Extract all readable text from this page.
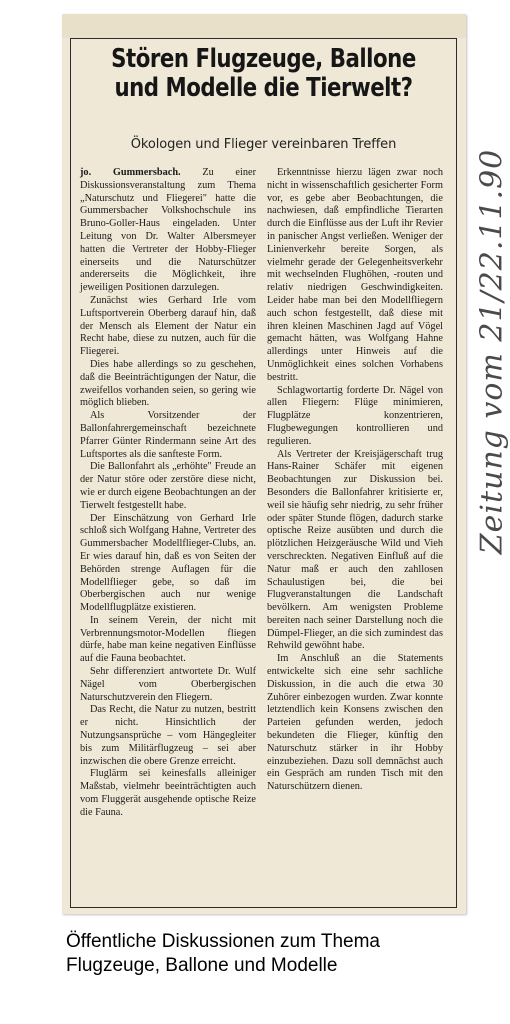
Stören Flugzeuge, Ballone
und Modelle die Tierwelt?
Ökologen und Flieger vereinbaren Treffen

jo. Gummersbach. Zu einer Diskussionsveranstaltung zum Thema „Naturschutz und Fliegerei" hatte die Gummersbacher Volkshochschule ins Bruno-Goller-Haus eingeladen. Unter Leitung von Dr. Walter Albersmeyer hatten die Vertreter der Hobby-Flieger einerseits und die Naturschützer andererseits die Möglichkeit, ihre jeweiligen Positionen darzulegen.

Zunächst wies Gerhard Irle vom Luftsportverein Oberberg darauf hin, daß der Mensch als Element der Natur ein Recht habe, diese zu nutzen, auch für die Fliegerei.

Dies habe allerdings so zu geschehen, daß die Beeinträchtigungen der Natur, die zweifellos vorhanden seien, so gering wie möglich blieben.

Als Vorsitzender der Ballonfahrergemeinschaft bezeichnete Pfarrer Günter Rindermann seine Art des Luftsportes als die sanfteste Form.

Die Ballonfahrt als „erhöhte" Freude an der Natur störe oder zerstöre diese nicht, wie er durch eigene Beobachtungen an der Tierwelt festgestellt habe.

Der Einschätzung von Gerhard Irle schloß sich Wolfgang Hahne, Vertreter des Gummersbacher Modellflieger-Clubs, an. Er wies darauf hin, daß es von Seiten der Behörden strenge Auflagen für die Modellflieger gebe, so daß im Oberbergischen auch nur wenige Modellflugplätze existieren.

In seinem Verein, der nicht mit Verbrennungsmotor-Modellen fliegen dürfe, habe man keine negativen Einflüsse auf die Fauna beobachtet.

Sehr differenziert antwortete Dr. Wulf Nägel vom Oberbergischen Naturschutzverein den Fliegern.

Das Recht, die Natur zu nutzen, bestritt er nicht. Hinsichtlich der Nutzungsansprüche – vom Hängegleiter bis zum Militärflugzeug – sei aber inzwischen die obere Grenze erreicht.

Fluglärm sei keinesfalls alleiniger Maßstab, vielmehr beeinträchtigten auch vom Fluggerät ausgehende optische Reize die Fauna.

Erkenntnisse hierzu lägen zwar noch nicht in wissenschaftlich gesicherter Form vor, es gebe aber Beobachtungen, die nachwiesen, daß empfindliche Tierarten durch die Einflüsse aus der Luft ihr Revier in panischer Angst verließen. Weniger der Linienverkehr bereite Sorgen, als vielmehr gerade der Gelegenheitsverkehr mit wechselnden Flughöhen, -routen und relativ niedrigen Geschwindigkeiten. Leider habe man bei den Modellfliegern auch schon festgestellt, daß diese mit ihren kleinen Maschinen Jagd auf Vögel gemacht hätten, was Wolfgang Hahne allerdings unter Hinweis auf die Unmöglichkeit eines solchen Vorhabens bestritt.

Schlagwortartig forderte Dr. Nägel von allen Fliegern: Flüge minimieren, Flugplätze konzentrieren, Flugbewegungen kontrollieren und regulieren.

Als Vertreter der Kreisjägerschaft trug Hans-Rainer Schäfer mit eigenen Beobachtungen zur Diskussion bei. Besonders die Ballonfahrer kritisierte er, weil sie häufig sehr niedrig, zu sehr früher oder später Stunde flögen, dadurch starke optische Reize ausübten und durch die plötzlichen Heizgeräusche Wild und Vieh verschreckten. Negativen Einfluß auf die Natur maß er auch den zahllosen Schaulustigen bei, die bei Flugveranstaltungen die Landschaft bevölkern. Am wenigsten Probleme bereiten nach seiner Darstellung noch die Dümpel-Flieger, an die sich zumindest das Rehwild gewöhnt habe.

Im Anschluß an die Statements entwickelte sich eine sehr sachliche Diskussion, in die auch die etwa 30 Zuhörer einbezogen wurden. Zwar konnte letztendlich kein Konsens zwischen den Parteien gefunden werden, jedoch bekundeten die Flieger, künftig den Naturschutz stärker in ihr Hobby einzubeziehen. Dazu soll demnächst auch ein Gespräch am runden Tisch mit den Naturschützern dienen.

Zeitung vom 21/22.11.90
Öffentliche Diskussionen zum Thema
Flugzeuge, Ballone und Modelle
